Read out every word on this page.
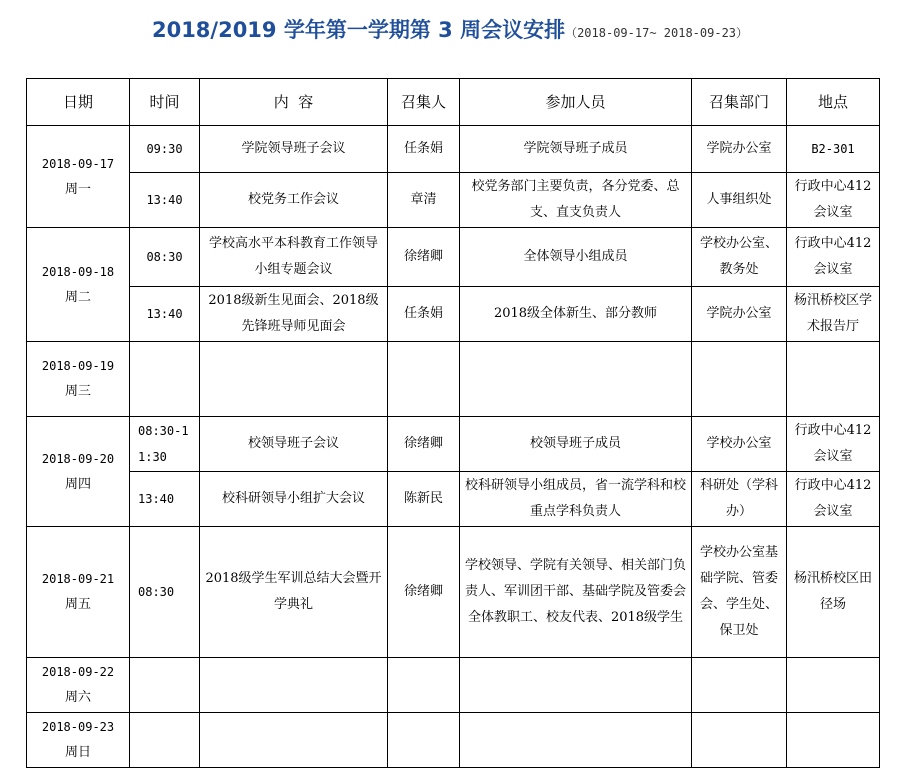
2018/2019 学年第一学期第 3 周会议安排（2018-09-17~ 2018-09-23）
日期	时间	内  容	召集人	参加人员	召集部门	地点

2018-09-17
周一	09:30	学院领导班子会议	任条娟	学院领导班子成员	学院办公室	B2-301
	13:40	校党务工作会议	章清	校党务部门主要负责，各分党委、总支、直支负责人	人事组织处	行政中心412会议室

2018-09-18
周二	08:30	学校高水平本科教育工作领导小组专题会议	徐绪卿	全体领导小组成员	学校办公室、教务处	行政中心412会议室
	13:40	2018级新生见面会、2018级先锋班导师见面会	任条娟	2018级全体新生、部分教师	学院办公室	杨汛桥校区学术报告厅

2018-09-19
周三						

2018-09-20
周四	08:30-11:30	校领导班子会议	徐绪卿	校领导班子成员	学校办公室	行政中心412会议室
	13:40	校科研领导小组扩大会议	陈新民	校科研领导小组成员，省一流学科和校重点学科负责人	科研处（学科办）	行政中心412会议室

2018-09-21
周五	08:30	2018级学生军训总结大会暨开学典礼	徐绪卿	学校领导、学院有关领导、相关部门负责人、军训团干部、基础学院及管委会全体教职工、校友代表、2018级学生	学校办公室基础学院、管委会、学生处、保卫处	杨汛桥校区田径场

2018-09-22
周六						

2018-09-23
周日						
